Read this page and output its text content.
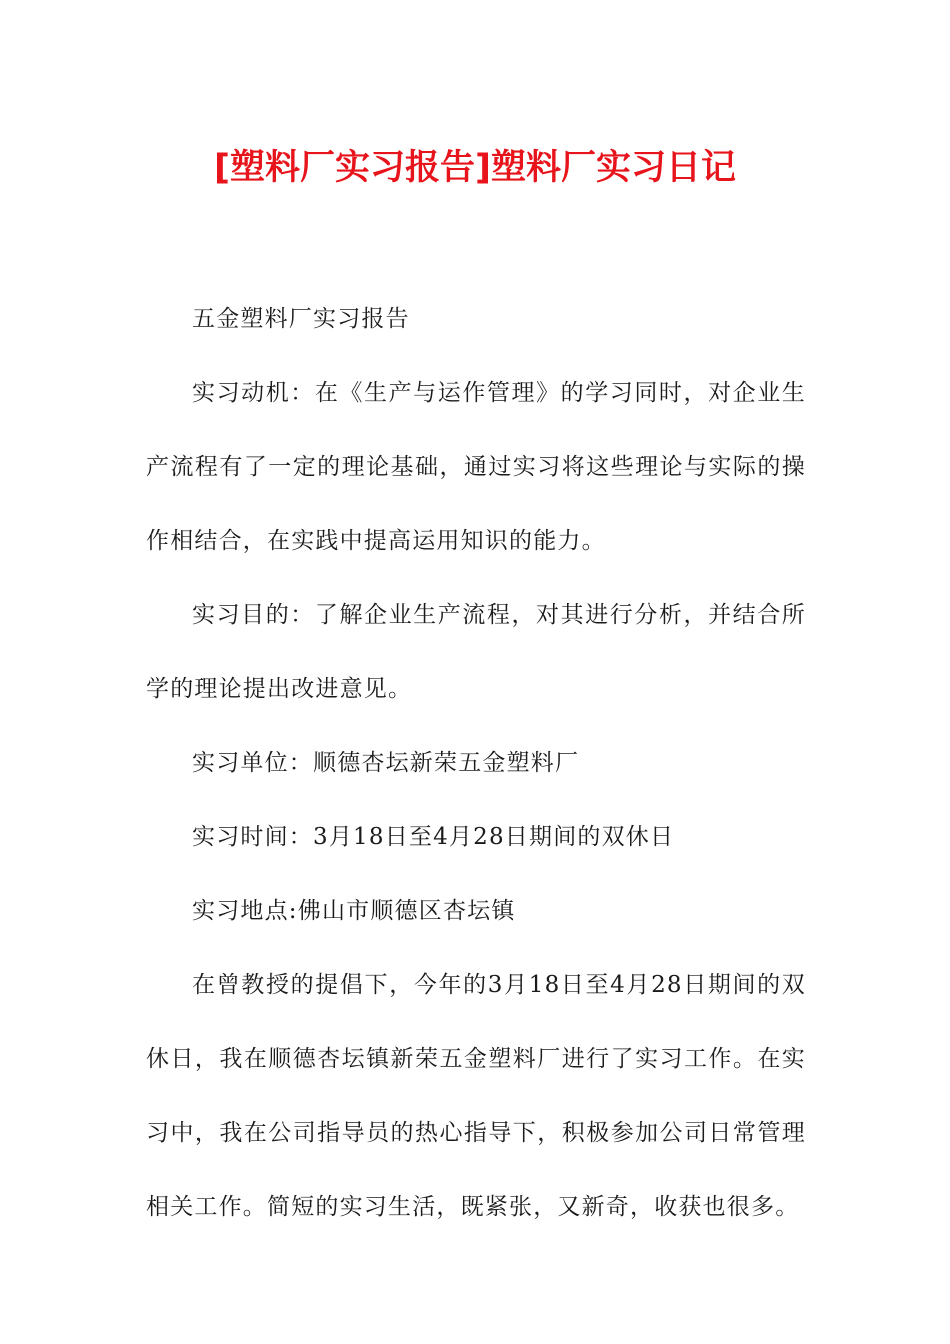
[塑料厂实习报告]塑料厂实习日记

五金塑料厂实习报告

实习动机：在《生产与运作管理》的学习同时，对企业生产流程有了一定的理论基础，通过实习将这些理论与实际的操作相结合，在实践中提高运用知识的能力。

实习目的：了解企业生产流程，对其进行分析，并结合所学的理论提出改进意见。

实习单位：顺德杏坛新荣五金塑料厂

实习时间：3月18日至4月28日期间的双休日

实习地点:佛山市顺德区杏坛镇

在曾教授的提倡下，今年的3月18日至4月28日期间的双休日，我在顺德杏坛镇新荣五金塑料厂进行了实习工作。在实习中，我在公司指导员的热心指导下，积极参加公司日常管理相关工作。简短的实习生活，既紧张，又新奇，收获也很多。
